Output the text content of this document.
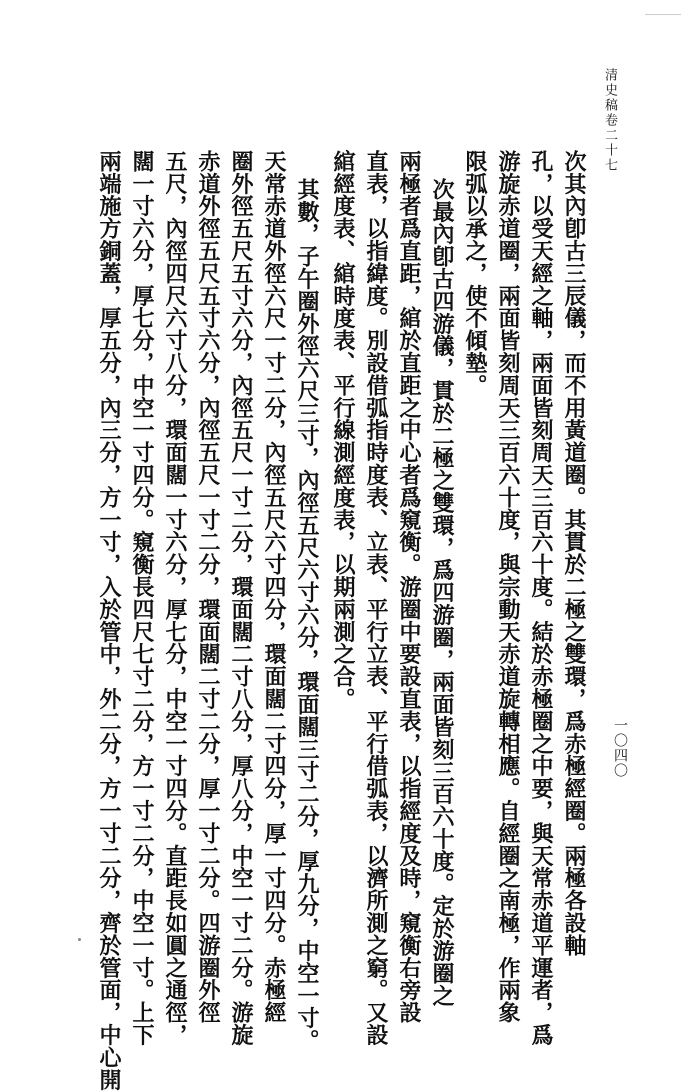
清史稿卷二十七
次其內卽古三辰儀，而不用黃道圈。其貫於二極之雙環，爲赤極經圈。兩極各設軸
孔，以受天經之軸，兩面皆刻周天三百六十度。結於赤極圈之中要，與天常赤道平運者，爲
游旋赤道圈，兩面皆刻周天三百六十度，與宗動天赤道旋轉相應。自經圈之南極，作兩象
限弧以承之，使不傾墊。
次最內卽古四游儀，貫於二極之雙環，爲四游圈，兩面皆刻三百六十度。定於游圈之
兩極者爲直距，綰於直距之中心者爲窺衡。游圈中要設直表，以指經度及時，窺衡右旁設
直表，以指緯度。別設借弧指時度表、立表、平行立表、平行借弧表，以濟所測之窮。又設
綰經度表、綰時度表、平行線測經度表，以期兩測之合。
其數，子午圈外徑六尺三寸，內徑五尺六寸六分，環面闊三寸二分，厚九分，中空一寸。
天常赤道外徑六尺一寸二分，內徑五尺六寸四分，環面闊二寸四分，厚一寸四分。赤極經
圈外徑五尺五寸六分，內徑五尺一寸二分，環面闊二寸八分，厚八分，中空一寸二分。游旋
赤道外徑五尺五寸六分，內徑五尺一寸二分，環面闊二寸二分，厚一寸二分。四游圈外徑
五尺，內徑四尺六寸八分，環面闊一寸六分，厚七分，中空一寸四分。直距長如圓之通徑，
闊一寸六分，厚七分，中空一寸四分。窺衡長四尺七寸二分，方一寸二分，中空一寸。上下
兩端施方銅蓋，厚五分，內三分，方一寸，入於管中，外二分，方一寸二分，齊於管面，中心開	一〇四〇
